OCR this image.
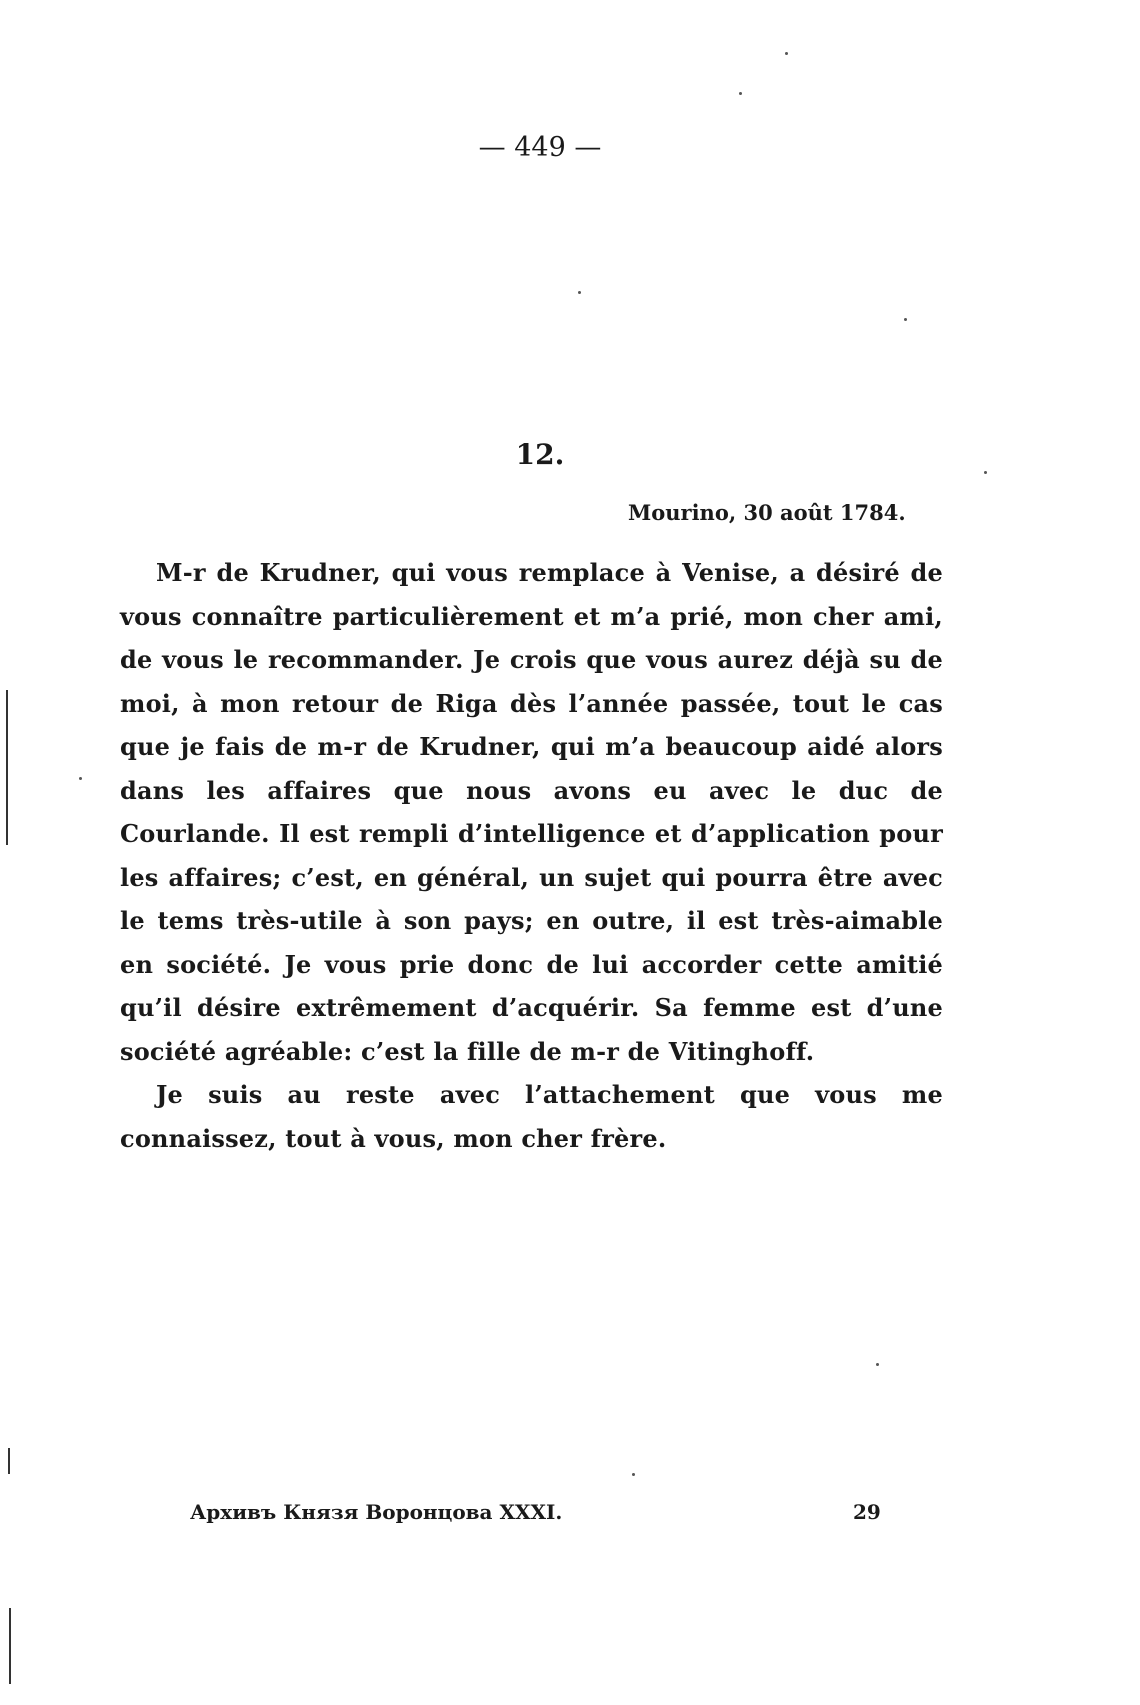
— 449 —
12.
Mourino, 30 août 1784.

M-r de Krudner, qui vous remplace à Venise, a désiré de vous connaître particulièrement et m’a prié, mon cher ami, de vous le recommander. Je crois que vous aurez déjà su de moi, à mon retour de Riga dès l’année passée, tout le cas que je fais de m-r de Krudner, qui m’a beaucoup aidé alors dans les affaires que nous avons eu avec le duc de Courlande. Il est rempli d’intelligence et d’application pour les affaires; c’est, en général, un sujet qui pourra être avec le tems très-utile à son pays; en outre, il est très-aimable en société. Je vous prie donc de lui accorder cette amitié qu’il désire extrêmement d’acquérir. Sa femme est d’une société agréable: c’est la fille de m-r de Vitinghoff.

Je suis au reste avec l’attachement que vous me connaissez, tout à vous, mon cher frère.

Архивъ Князя Воронцова XXXI.	29
